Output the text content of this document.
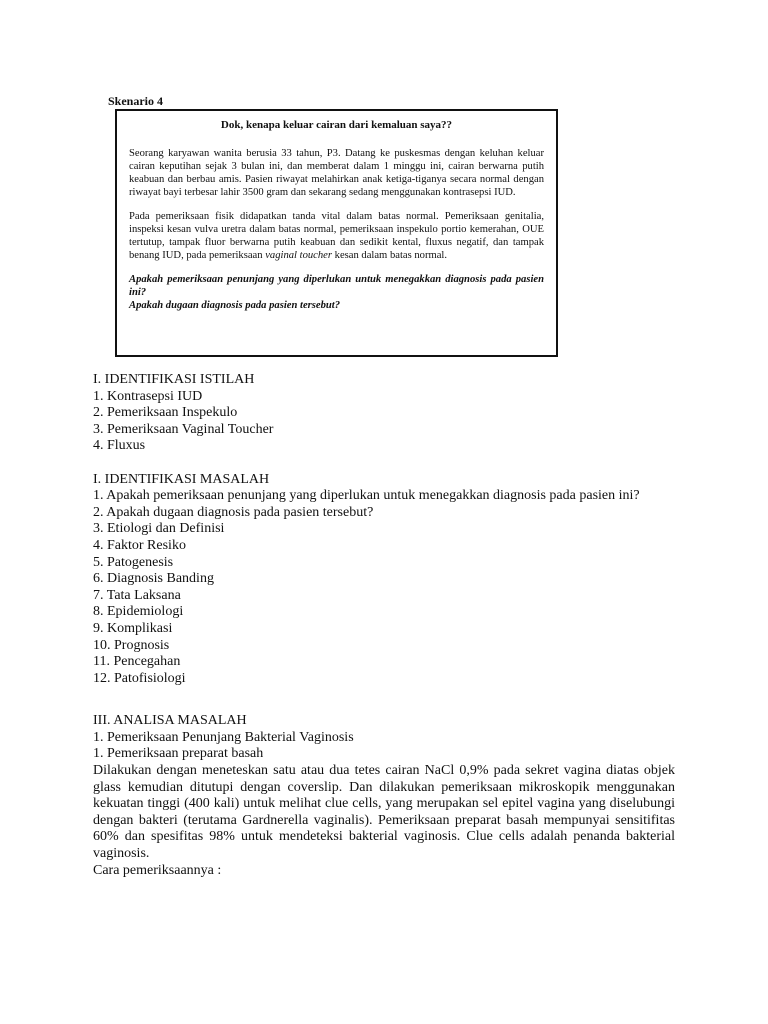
Skenario 4
Dok, kenapa keluar cairan dari kemaluan saya??

Seorang karyawan wanita berusia 33 tahun, P3. Datang ke puskesmas dengan keluhan keluar cairan keputihan sejak 3 bulan ini, dan memberat dalam 1 minggu ini, cairan berwarna putih keabuan dan berbau amis. Pasien riwayat melahirkan anak ketiga-tiganya secara normal dengan riwayat bayi terbesar lahir 3500 gram dan sekarang sedang menggunakan kontrasepsi IUD.

Pada pemeriksaan fisik didapatkan tanda vital dalam batas normal. Pemeriksaan genitalia, inspeksi kesan vulva uretra dalam batas normal, pemeriksaan inspekulo portio kemerahan, OUE tertutup, tampak fluor berwarna putih keabuan dan sedikit kental, fluxus negatif, dan tampak benang IUD, pada pemeriksaan vaginal toucher kesan dalam batas normal.

Apakah pemeriksaan penunjang yang diperlukan untuk menegakkan diagnosis pada pasien ini?

Apakah dugaan diagnosis pada pasien tersebut?

I. IDENTIFIKASI ISTILAH

1. Kontrasepsi IUD

2. Pemeriksaan Inspekulo

3. Pemeriksaan Vaginal Toucher

4. Fluxus

I. IDENTIFIKASI MASALAH

1. Apakah pemeriksaan penunjang yang diperlukan untuk menegakkan diagnosis pada pasien ini?

2. Apakah dugaan diagnosis pada pasien tersebut?

3. Etiologi dan Definisi

4. Faktor Resiko

5. Patogenesis

6. Diagnosis Banding

7. Tata Laksana

8. Epidemiologi

9. Komplikasi

10. Prognosis

11. Pencegahan

12. Patofisiologi

III. ANALISA MASALAH

1. Pemeriksaan Penunjang Bakterial Vaginosis

1. Pemeriksaan preparat basah

Dilakukan dengan meneteskan satu atau dua tetes cairan NaCl 0,9% pada sekret vagina diatas objek glass kemudian ditutupi dengan coverslip. Dan dilakukan pemeriksaan mikroskopik menggunakan kekuatan tinggi (400 kali) untuk melihat clue cells, yang merupakan sel epitel vagina yang diselubungi dengan bakteri (terutama Gardnerella vaginalis). Pemeriksaan preparat basah mempunyai sensitifitas 60% dan spesifitas 98% untuk mendeteksi bakterial vaginosis. Clue cells adalah penanda bakterial vaginosis.

Cara pemeriksaannya :
